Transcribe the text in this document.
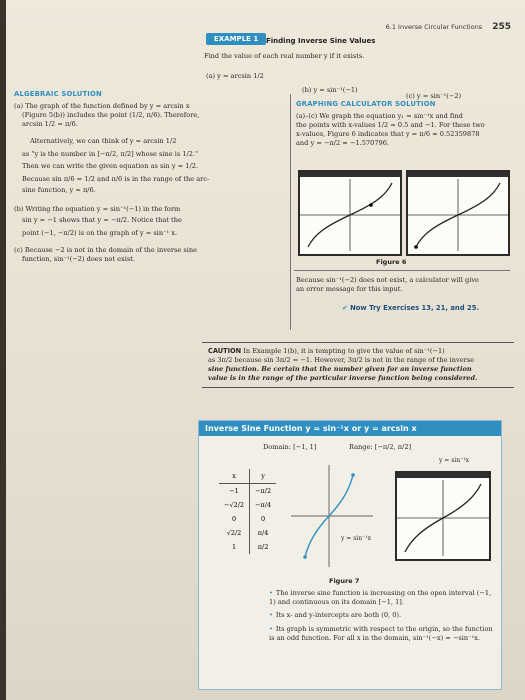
6.1 Inverse Circular Functions 255
EXAMPLE 1	Finding Inverse Sine Values
Find the value of each real number y if it exists.
(a) y = arcsin 1/2
(b) y = sin⁻¹(−1)
(c) y = sin⁻¹(−2)
ALGEBRAIC SOLUTION
(a) The graph of the function defined by y = arcsin x
(Figure 5(b)) includes the point (1/2, π/6). Therefore,
arcsin 1/2 = π/6.
Alternatively, we can think of y = arcsin 1/2
as "y is the number in [−π/2, π/2] whose sine is 1/2."
Then we can write the given equation as sin y = 1/2.
Because sin π/6 = 1/2 and π/6 is in the range of the arc-
sine function, y = π/6.
(b) Writing the equation y = sin⁻¹(−1) in the form
sin y = −1 shows that y = −π/2. Notice that the
point (−1, −π/2) is on the graph of y = sin⁻¹ x.
(c) Because −2 is not in the domain of the inverse sine
function, sin⁻¹(−2) does not exist.
GRAPHING CALCULATOR SOLUTION
(a)–(c) We graph the equation y₁ = sin⁻¹x and find
the points with x-values 1/2 = 0.5 and −1. For these two
x-values, Figure 6 indicates that y = π/6 ≈ 0.52359878
and y = −π/2 ≈ −1.570796.
Figure 6
Because sin⁻¹(−2) does not exist, a calculator will give
an error message for this input.
✔ Now Try Exercises 13, 21, and 25.
CAUTION In Example 1(b), it is tempting to give the value of sin⁻¹(−1)
as 3π/2 because sin 3π/2 = −1. However, 3π/2 is not in the range of the inverse
sine function. Be certain that the number given for an inverse function
value is in the range of the particular inverse function being considered.
Inverse Sine Function y = sin⁻¹x or y = arcsin x
Domain: [−1, 1]	Range: [−π/2, π/2]
x	y
−1	−π/2
−√2/2	−π/4
0	0
√2/2	π/4
1	π/2
y = sin⁻¹x
y = sin⁻¹x
Figure 7
• The inverse sine function is increasing on the open interval (−1, 1) and continuous on its domain [−1, 1].
• Its x- and y-intercepts are both (0, 0).
• Its graph is symmetric with respect to the origin, so the function is an odd function. For all x in the domain, sin⁻¹(−x) = −sin⁻¹x.
